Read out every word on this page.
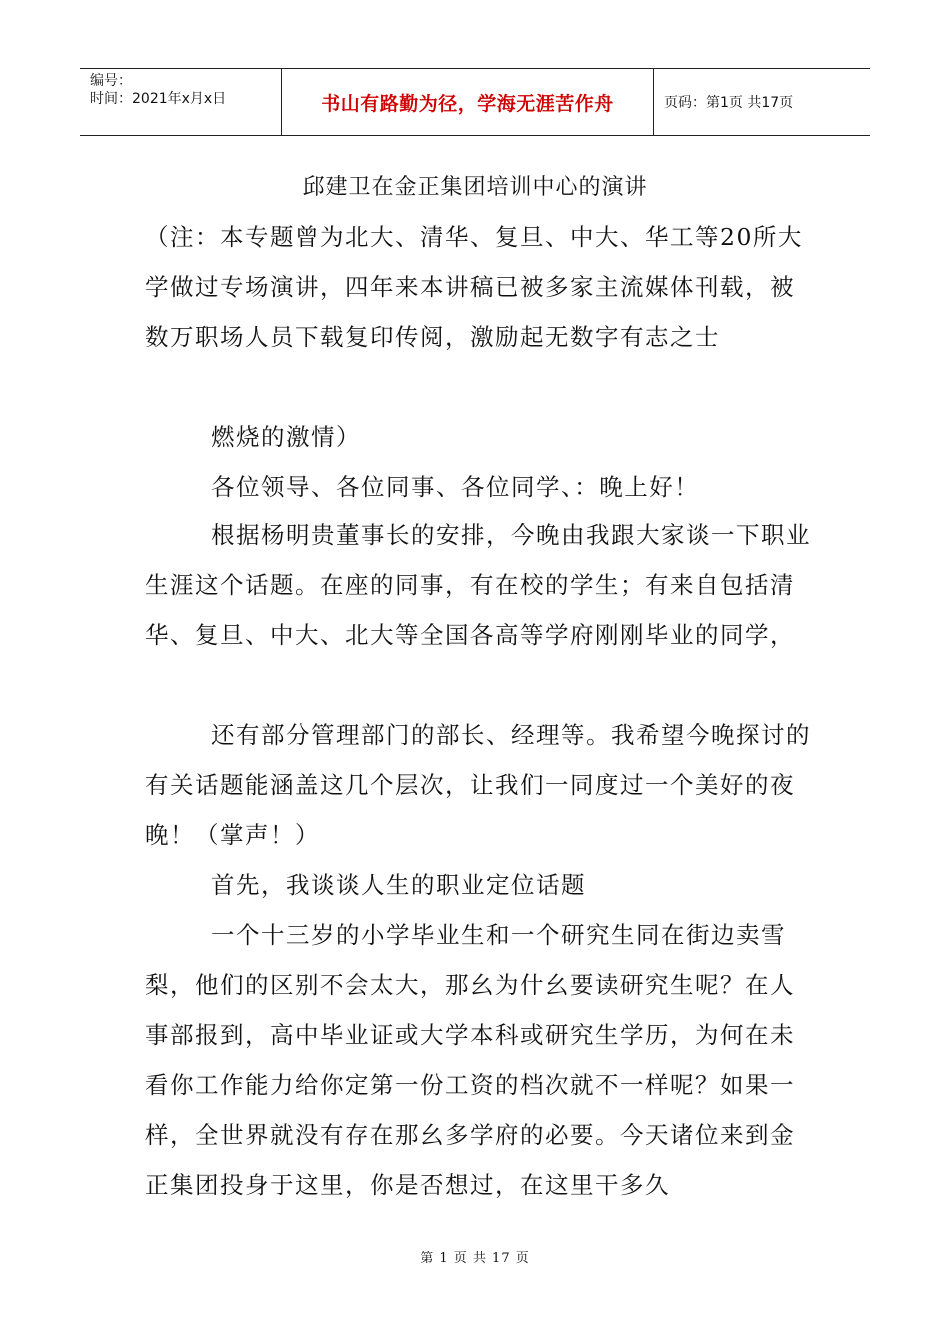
编号：
时间：2021年x月x日	书山有路勤为径，学海无涯苦作舟	页码：第1页 共17页
邱建卫在金正集团培训中心的演讲

（注：本专题曾为北大、清华、复旦、中大、华工等20所大学做过专场演讲，四年来本讲稿已被多家主流媒体刊载，被数万职场人员下载复印传阅，激励起无数字有志之士

燃烧的激情）

各位领导、各位同事、各位同学、：晚上好！

根据杨明贵董事长的安排，今晚由我跟大家谈一下职业生涯这个话题。在座的同事，有在校的学生；有来自包括清华、复旦、中大、北大等全国各高等学府刚刚毕业的同学，

还有部分管理部门的部长、经理等。我希望今晚探讨的有关话题能涵盖这几个层次，让我们一同度过一个美好的夜晚！（掌声！）

首先，我谈谈人生的职业定位话题

一个十三岁的小学毕业生和一个研究生同在街边卖雪梨，他们的区别不会太大，那幺为什幺要读研究生呢？在人事部报到，高中毕业证或大学本科或研究生学历，为何在未看你工作能力给你定第一份工资的档次就不一样呢？如果一样，全世界就没有存在那幺多学府的必要。今天诸位来到金正集团投身于这里，你是否想过，在这里干多久

第 1 页 共 17 页
